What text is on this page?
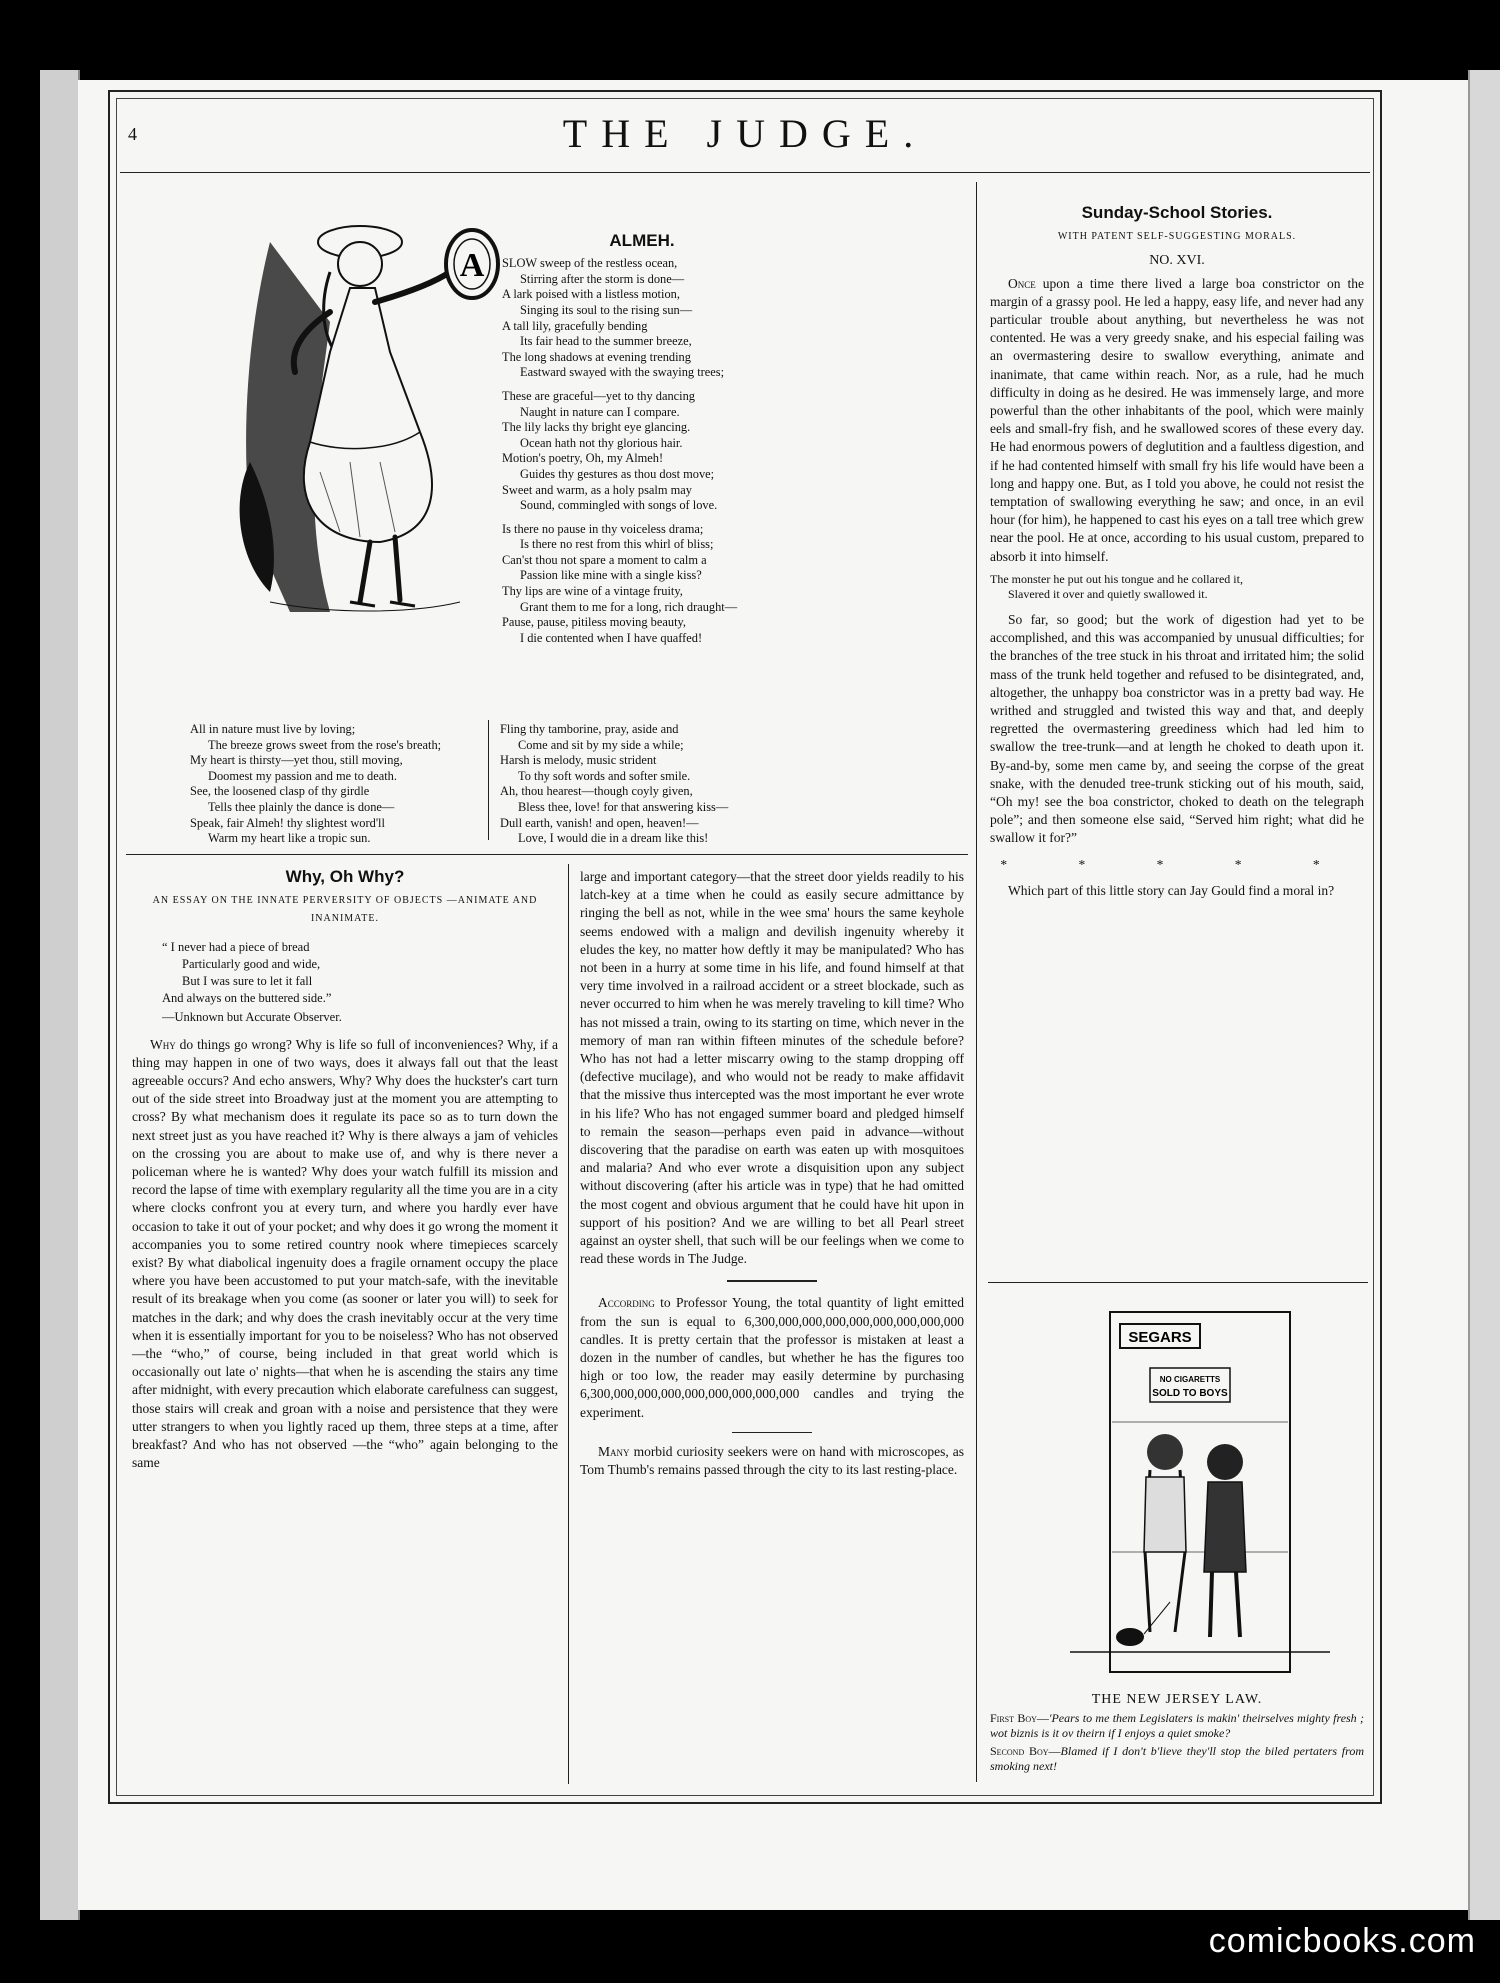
4	THE JUDGE.
A
ALMEH.
SLOW sweep of the restless ocean,
Stirring after the storm is done—
A lark poised with a listless motion,
Singing its soul to the rising sun—
A tall lily, gracefully bending
Its fair head to the summer breeze,
The long shadows at evening trending
Eastward swayed with the swaying trees;
These are graceful—yet to thy dancing
Naught in nature can I compare.
The lily lacks thy bright eye glancing.
Ocean hath not thy glorious hair.
Motion's poetry, Oh, my Almeh!
Guides thy gestures as thou dost move;
Sweet and warm, as a holy psalm may
Sound, commingled with songs of love.
Is there no pause in thy voiceless drama;
Is there no rest from this whirl of bliss;
Can'st thou not spare a moment to calm a
Passion like mine with a single kiss?
Thy lips are wine of a vintage fruity,
Grant them to me for a long, rich draught—
Pause, pause, pitiless moving beauty,
I die contented when I have quaffed!
All in nature must live by loving;
The breeze grows sweet from the rose's breath;
My heart is thirsty—yet thou, still moving,
Doomest my passion and me to death.
See, the loosened clasp of thy girdle
Tells thee plainly the dance is done—
Speak, fair Almeh! thy slightest word'll
Warm my heart like a tropic sun.
Fling thy tamborine, pray, aside and
Come and sit by my side a while;
Harsh is melody, music strident
To thy soft words and softer smile.
Ah, thou hearest—though coyly given,
Bless thee, love! for that answering kiss—
Dull earth, vanish! and open, heaven!—
Love, I would die in a dream like this!
Sunday-School Stories.
WITH PATENT SELF-SUGGESTING MORALS.
NO. XVI.

Once upon a time there lived a large boa constrictor on the margin of a grassy pool. He led a happy, easy life, and never had any particular trouble about anything, but nevertheless he was not contented. He was a very greedy snake, and his especial failing was an overmastering desire to swallow everything, animate and inanimate, that came within reach. Nor, as a rule, had he much difficulty in doing as he desired. He was immensely large, and more powerful than the other inhabitants of the pool, which were mainly eels and small-fry fish, and he swallowed scores of these every day. He had enormous powers of deglutition and a faultless digestion, and if he had contented himself with small fry his life would have been a long and happy one. But, as I told you above, he could not resist the temptation of swallowing everything he saw; and once, in an evil hour (for him), he happened to cast his eyes on a tall tree which grew near the pool. He at once, according to his usual custom, prepared to absorb it into himself.

The monster he put out his tongue and he collared it,
Slavered it over and quietly swallowed it.

So far, so good; but the work of digestion had yet to be accomplished, and this was accompanied by unusual difficulties; for the branches of the tree stuck in his throat and irritated him; the solid mass of the trunk held together and refused to be disintegrated, and, altogether, the unhappy boa constrictor was in a pretty bad way. He writhed and struggled and twisted this way and that, and deeply regretted the overmastering greediness which had led him to swallow the tree-trunk—and at length he choked to death upon it. By-and-by, some men came by, and seeing the corpse of the great snake, with the denuded tree-trunk sticking out of his mouth, said, “Oh my! see the boa constrictor, choked to death on the telegraph pole”; and then someone else said, “Served him right; what did he swallow it for?”

* * * * *

Which part of this little story can Jay Gould find a moral in?

SEGARS
NO CIGARETTS
SOLD TO BOYS
THE NEW JERSEY LAW.
First Boy—'Pears to me them Legislaters is makin' theirselves mighty fresh ; wot biznis is it ov theirn if I enjoys a quiet smoke?
Second Boy—Blamed if I don't b'lieve they'll stop the biled pertaters from smoking next!
Why, Oh Why?
AN ESSAY ON THE INNATE PERVERSITY OF OBJECTS —ANIMATE AND INANIMATE.
“ I never had a piece of bread
Particularly good and wide,
But I was sure to let it fall
And always on the buttered side.”
—Unknown but Accurate Observer.

Why do things go wrong? Why is life so full of inconveniences? Why, if a thing may happen in one of two ways, does it always fall out that the least agreeable occurs? And echo answers, Why? Why does the huckster's cart turn out of the side street into Broadway just at the moment you are attempting to cross? By what mechanism does it regulate its pace so as to turn down the next street just as you have reached it? Why is there always a jam of vehicles on the crossing you are about to make use of, and why is there never a policeman where he is wanted? Why does your watch fulfill its mission and record the lapse of time with exemplary regularity all the time you are in a city where clocks confront you at every turn, and where you hardly ever have occasion to take it out of your pocket; and why does it go wrong the moment it accompanies you to some retired country nook where timepieces scarcely exist? By what diabolical ingenuity does a fragile ornament occupy the place where you have been accustomed to put your match-safe, with the inevitable result of its breakage when you come (as sooner or later you will) to seek for matches in the dark; and why does the crash inevitably occur at the very time when it is essentially important for you to be noiseless? Who has not observed—the “who,” of course, being included in that great world which is occasionally out late o' nights—that when he is ascending the stairs any time after midnight, with every precaution which elaborate carefulness can suggest, those stairs will creak and groan with a noise and persistence that they were utter strangers to when you lightly raced up them, three steps at a time, after breakfast? And who has not observed —the “who” again belonging to the same

large and important category—that the street door yields readily to his latch-key at a time when he could as easily secure admittance by ringing the bell as not, while in the wee sma' hours the same keyhole seems endowed with a malign and devilish ingenuity whereby it eludes the key, no matter how deftly it may be manipulated? Who has not been in a hurry at some time in his life, and found himself at that very time involved in a railroad accident or a street blockade, such as never occurred to him when he was merely traveling to kill time? Who has not missed a train, owing to its starting on time, which never in the memory of man ran within fifteen minutes of the schedule before? Who has not had a letter miscarry owing to the stamp dropping off (defective mucilage), and who would not be ready to make affidavit that the missive thus intercepted was the most important he ever wrote in his life? Who has not engaged summer board and pledged himself to remain the season—perhaps even paid in advance—without discovering that the paradise on earth was eaten up with mosquitoes and malaria? And who ever wrote a disquisition upon any subject without discovering (after his article was in type) that he had omitted the most cogent and obvious argument that he could have hit upon in support of his position? And we are willing to bet all Pearl street against an oyster shell, that such will be our feelings when we come to read these words in The Judge.

According to Professor Young, the total quantity of light emitted from the sun is equal to 6,300,000,000,000,000,000,000,000,000 candles. It is pretty certain that the professor is mistaken at least a dozen in the number of candles, but whether he has the figures too high or too low, the reader may easily determine by purchasing 6,300,000,000,000,000,000,000,000,000 candles and trying the experiment.

Many morbid curiosity seekers were on hand with microscopes, as Tom Thumb's remains passed through the city to its last resting-place.

comicbooks.com
